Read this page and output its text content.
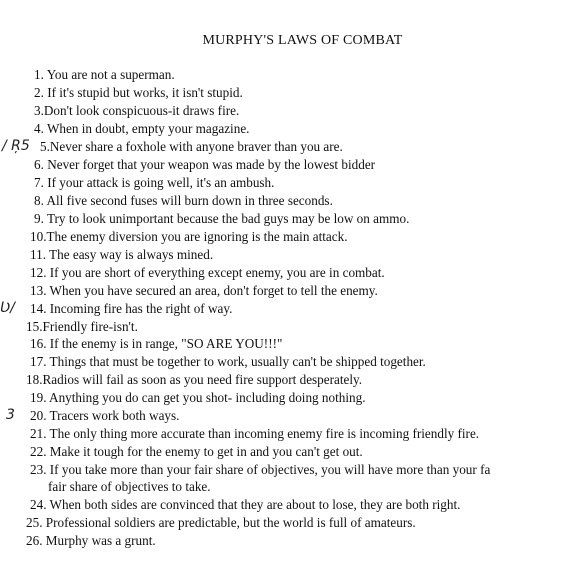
MURPHY'S LAWS OF COMBAT
1. You are not a superman.
2. If it's stupid but works, it isn't stupid.
3.Don't look conspicuous-it draws fire.
4. When in doubt, empty your magazine.
5.Never share a foxhole with anyone braver than you are.
6. Never forget that your weapon was made by the lowest bidder
7. If your attack is going well, it's an ambush.
8. All five second fuses will burn down in three seconds.
9. Try to look unimportant because the bad guys may be low on ammo.
10.The enemy diversion you are ignoring is the main attack.
11. The easy way is always mined.
12. If you are short of everything except enemy, you are in combat.
13. When you have secured an area, don't forget to tell the enemy.
14. Incoming fire has the right of way.
15.Friendly fire-isn't.
16. If the enemy is in range, "SO ARE YOU!!!"
17. Things that must be together to work, usually can't be shipped together.
18.Radios will fail as soon as you need fire support desperately.
19. Anything you do can get you shot- including doing nothing.
20. Tracers work both ways.
21. The only thing more accurate than incoming enemy fire is incoming friendly fire.
22. Make it tough for the enemy to get in and you can't get out.
23. If you take more than your fair share of objectives, you will have more than your fa
fair share of objectives to take.
24. When both sides are convinced that they are about to lose, they are both right.
25. Professional soldiers are predictable, but the world is full of amateurs.
26. Murphy was a grunt.
/ Ŗ5
Ʋ/
3
